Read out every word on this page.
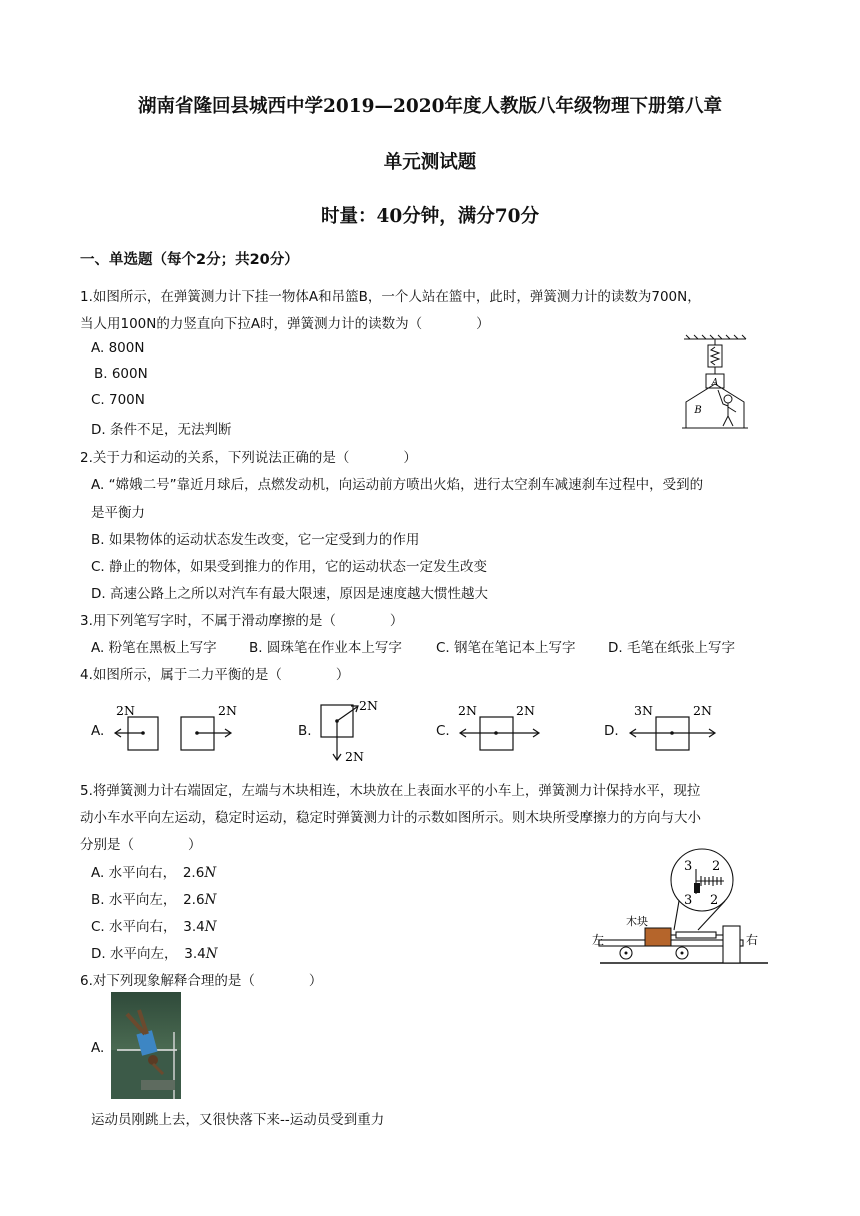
湖南省隆回县城西中学2019—2020年度人教版八年级物理下册第八章
单元测试题
时量：40分钟，满分70分
一、单选题（每个2分；共20分）
1.如图所示，在弹簧测力计下挂一物体A和吊篮B，一个人站在篮中，此时，弹簧测力计的读数为700N，
当人用100N的力竖直向下拉A时，弹簧测力计的读数为（　　　　）
A. 800N
B. 600N
C. 700N
D. 条件不足，无法判断
A
B
2.关于力和运动的关系，下列说法正确的是（　　　　）
A. “嫦娥二号”靠近月球后，点燃发动机，向运动前方喷出火焰，进行太空刹车减速刹车过程中，受到的
是平衡力
B. 如果物体的运动状态发生改变，它一定受到力的作用
C. 静止的物体，如果受到推力的作用，它的运动状态一定发生改变
D. 高速公路上之所以对汽车有最大限速，原因是速度越大惯性越大
3.用下列笔写字时，不属于滑动摩擦的是（　　　　）
A. 粉笔在黑板上写字 B. 圆珠笔在作业本上写字	C. 钢笔在笔记本上写字 D. 毛笔在纸张上写字
4.如图所示，属于二力平衡的是（　　　　）
A.	B.	C.	D.
2N	2N	2N
2N
2N	2N	3N	2N
5.将弹簧测力计右端固定，左端与木块相连，木块放在上表面水平的小车上，弹簧测力计保持水平，现拉
动小车水平向左运动，稳定时运动，稳定时弹簧测力计的示数如图所示。则木块所受摩擦力的方向与大小
分别是（　　　　）
A. 水平向右，　2.6N
B. 水平向左，　2.6N
C. 水平向右，　3.4N
D. 水平向左，　3.4N
3 2
3 2
木块
左	右
6.对下列现象解释合理的是（　　　　）
A.
运动员刚跳上去，又很快落下来--运动员受到重力
